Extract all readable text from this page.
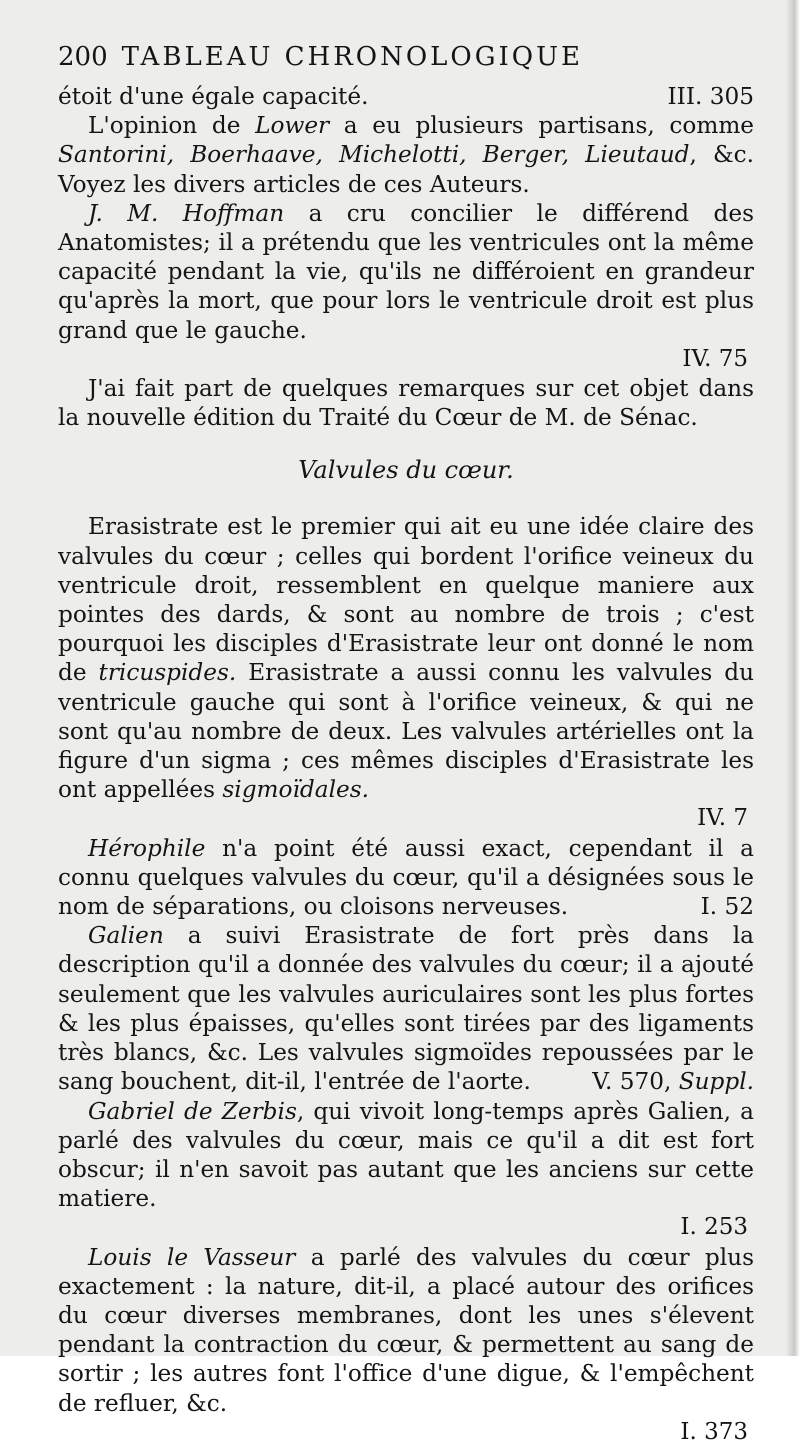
200 TABLEAU CHRONOLOGIQUE

étoit d'une égale capacité.	III. 305

L'opinion de Lower a eu plusieurs partisans, comme Santorini, Boerhaave, Michelotti, Berger, Lieutaud, &c. Voyez les divers articles de ces Auteurs.

J. M. Hoffman a cru concilier le différend des Anatomistes; il a prétendu que les ventricules ont la même capacité pendant la vie, qu'ils ne différoient en grandeur qu'après la mort, que pour lors le ventricule droit est plus grand que le gauche.

IV. 75

J'ai fait part de quelques remarques sur cet objet dans la nouvelle édition du Traité du Cœur de M. de Sénac.

Valvules du cœur.

Erasistrate est le premier qui ait eu une idée claire des valvules du cœur ; celles qui bordent l'orifice veineux du ventricule droit, ressemblent en quelque maniere aux pointes des dards, & sont au nombre de trois ; c'est pourquoi les disciples d'Erasistrate leur ont donné le nom de tricuspides. Erasistrate a aussi connu les valvules du ventricule gauche qui sont à l'orifice veineux, & qui ne sont qu'au nombre de deux. Les valvules artérielles ont la figure d'un sigma ; ces mêmes disciples d'Erasistrate les ont appellées sigmoïdales.

IV. 7

Hérophile n'a point été aussi exact, cependant il a connu quelques valvules du cœur, qu'il a désignées sous le nom de séparations, ou cloisons nerveuses.	I. 52

Galien a suivi Erasistrate de fort près dans la description qu'il a donnée des valvules du cœur; il a ajouté seulement que les valvules auriculaires sont les plus fortes & les plus épaisses, qu'elles sont tirées par des ligaments très blancs, &c. Les valvules sigmoïdes repoussées par le sang bouchent, dit-il, l'entrée de l'aorte.	V. 570, Suppl.

Gabriel de Zerbis, qui vivoit long-temps après Galien, a parlé des valvules du cœur, mais ce qu'il a dit est fort obscur; il n'en savoit pas autant que les anciens sur cette matiere.

I. 253

Louis le Vasseur a parlé des valvules du cœur plus exactement : la nature, dit-il, a placé autour des orifices du cœur diverses membranes, dont les unes s'élevent pendant la contraction du cœur, & permettent au sang de sortir ; les autres font l'office d'une digue, & l'empêchent de refluer, &c.

I. 373
